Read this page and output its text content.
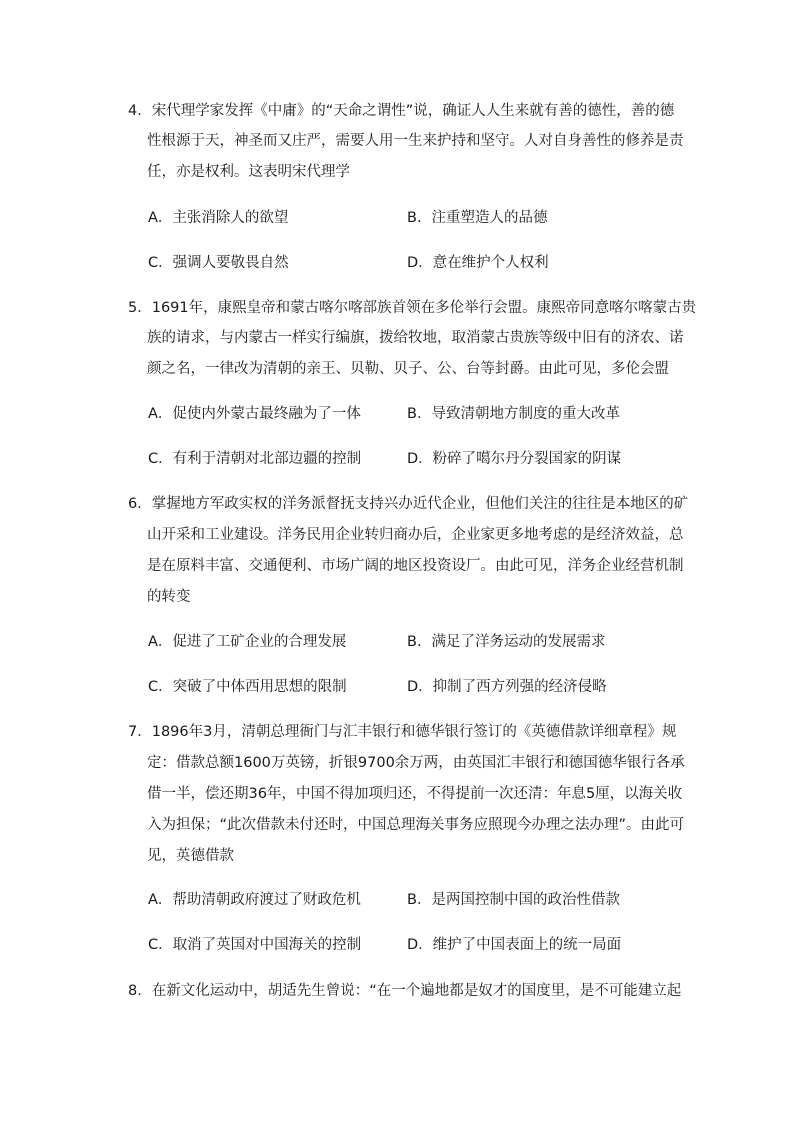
4．宋代理学家发挥《中庸》的“天命之谓性”说，确证人人生来就有善的德性，善的德
性根源于天，神圣而又庄严，需要人用一生来护持和坚守。人对自身善性的修养是责
任，亦是权利。这表明宋代理学
A．主张消除人的欲望	B．注重塑造人的品德
C．强调人要敬畏自然	D．意在维护个人权利
5．1691年，康熙皇帝和蒙古喀尔喀部族首领在多伦举行会盟。康熙帝同意喀尔喀蒙古贵
族的请求，与内蒙古一样实行编旗，拨给牧地，取消蒙古贵族等级中旧有的济农、诺
颜之名，一律改为清朝的亲王、贝勒、贝子、公、台等封爵。由此可见，多伦会盟
A．促使内外蒙古最终融为了一体	B．导致清朝地方制度的重大改革
C．有利于清朝对北部边疆的控制	D．粉碎了噶尔丹分裂国家的阴谋
6．掌握地方军政实权的洋务派督抚支持兴办近代企业，但他们关注的往往是本地区的矿
山开采和工业建设。洋务民用企业转归商办后，企业家更多地考虑的是经济效益，总
是在原料丰富、交通便利、市场广阔的地区投资设厂。由此可见，洋务企业经营机制
的转变
A．促进了工矿企业的合理发展	B．满足了洋务运动的发展需求
C．突破了中体西用思想的限制	D．抑制了西方列强的经济侵略
7．1896年3月，清朝总理衙门与汇丰银行和德华银行签订的《英德借款详细章程》规
定：借款总额1600万英镑，折银9700余万两，由英国汇丰银行和德国德华银行各承
借一半，偿还期36年，中国不得加项归还，不得提前一次还清：年息5厘，以海关收
入为担保；“此次借款未付还时，中国总理海关事务应照现今办理之法办理”。由此可
见，英德借款
A．帮助清朝政府渡过了财政危机	B．是两国控制中国的政治性借款
C．取消了英国对中国海关的控制	D．维护了中国表面上的统一局面
8．在新文化运动中，胡适先生曾说：“在一个遍地都是奴才的国度里，是不可能建立起
